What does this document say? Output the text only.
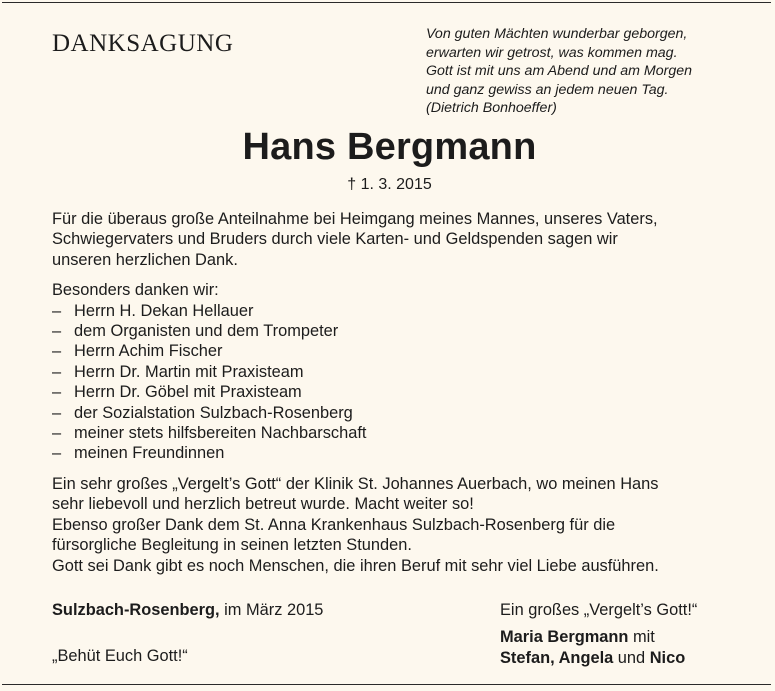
DANKSAGUNG	Von guten Mächten wunderbar geborgen,
erwarten wir getrost, was kommen mag.
Gott ist mit uns am Abend und am Morgen
und ganz gewiss an jedem neuen Tag.
(Dietrich Bonhoeffer)
Hans Bergmann
† 1. 3. 2015
Für die überaus große Anteilnahme bei Heimgang meines Mannes, unseres Vaters,
Schwiegervaters und Bruders durch viele Karten- und Geldspenden sagen wir
unseren herzlichen Dank.
Besonders danken wir:
– Herrn H. Dekan Hellauer
– dem Organisten und dem Trompeter
– Herrn Achim Fischer
– Herrn Dr. Martin mit Praxisteam
– Herrn Dr. Göbel mit Praxisteam
– der Sozialstation Sulzbach-Rosenberg
– meiner stets hilfsbereiten Nachbarschaft
– meinen Freundinnen
Ein sehr großes „Vergelt’s Gott“ der Klinik St. Johannes Auerbach, wo meinen Hans
sehr liebevoll und herzlich betreut wurde. Macht weiter so!
Ebenso großer Dank dem St. Anna Krankenhaus Sulzbach-Rosenberg für die
fürsorgliche Begleitung in seinen letzten Stunden.
Gott sei Dank gibt es noch Menschen, die ihren Beruf mit sehr viel Liebe ausführen.
Sulzbach-Rosenberg, im März 2015
„Behüt Euch Gott!“
Ein großes „Vergelt’s Gott!“
Maria Bergmann mit
Stefan, Angela und Nico
